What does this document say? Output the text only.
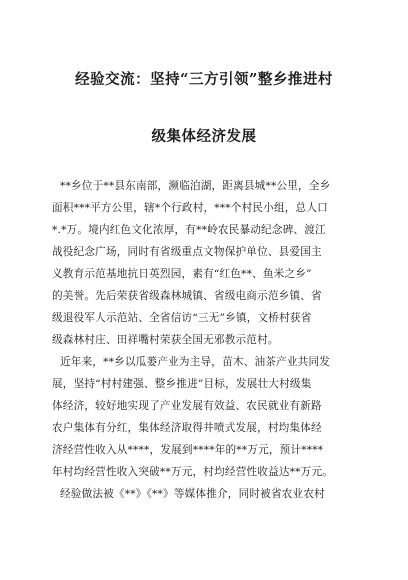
经验交流：坚持“三方引领”整乡推进村
级集体经济发展
**乡位于**县东南部，濒临泊湖，距离县城**公里，全乡
面积***平方公里，辖*个行政村，***个村民小组，总人口
*.*万。境内红色文化浓厚，有**岭农民暴动纪念碑、渡江
战役纪念广场，同时有省级重点文物保护单位、县爱国主
义教育示范基地抗日英烈园，素有“红色**、鱼米之乡”
的美誉。先后荣获省级森林城镇、省级电商示范乡镇、省
级退役军人示范站、全省信访“三无”乡镇，文桥村获省
级森林村庄、田祥嘴村荣获全国无邪教示范村。
近年来，**乡以瓜蒌产业为主导，苗木、油茶产业共同发
展，坚持“村村建强、整乡推进”目标，发展壮大村级集
体经济，较好地实现了产业发展有效益、农民就业有新路
农户集体有分红，集体经济取得井喷式发展，村均集体经
济经营性收入从****，发展到****年的**万元，预计****
年村均经营性收入突破**万元，村均经营性收益达**万元。
经验做法被《**》《**》等媒体推介，同时被省农业农村
